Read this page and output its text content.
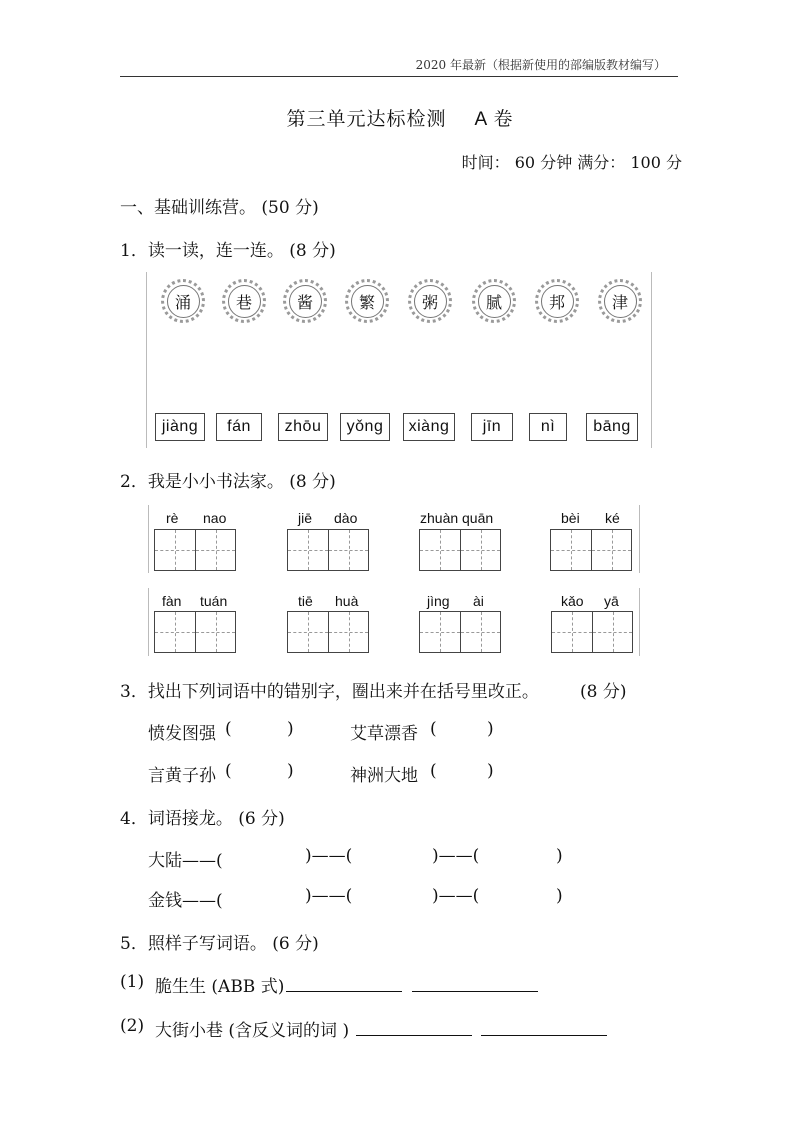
2020 年最新（根据新使用的部编版教材编写）
第三单元达标检测 A 卷
时间： 60 分钟 满分： 100 分
一、基础训练营。 (50 分)
1．读一读，连一连。 (8 分)
涌	巷	酱	繁	粥	腻	邦	津
jiàng	fán	zhōu	yǒng	xiàng	jīn	nì	bāng
2．我是小小书法家。 (8 分)
rè nao	jiē dào	zhuàn quān	bèi ké
fàn tuán	tiē huà	jìng ài	kǎo yā
3．找出下列词语中的错别字，圈出来并在括号里改正。 (8 分)
愤发图强 (	)	艾草漂香 (	)
言黄子孙 (	)	神洲大地 (	)
4．词语接龙。 (6 分)
大陆——(	)——(	)——(	)
金钱——(	)——(	)——(	)
5．照样子写词语。 (6 分)
(1) 脆生生 (ABB 式)
(2) 大街小巷 (含反义词的词 )
